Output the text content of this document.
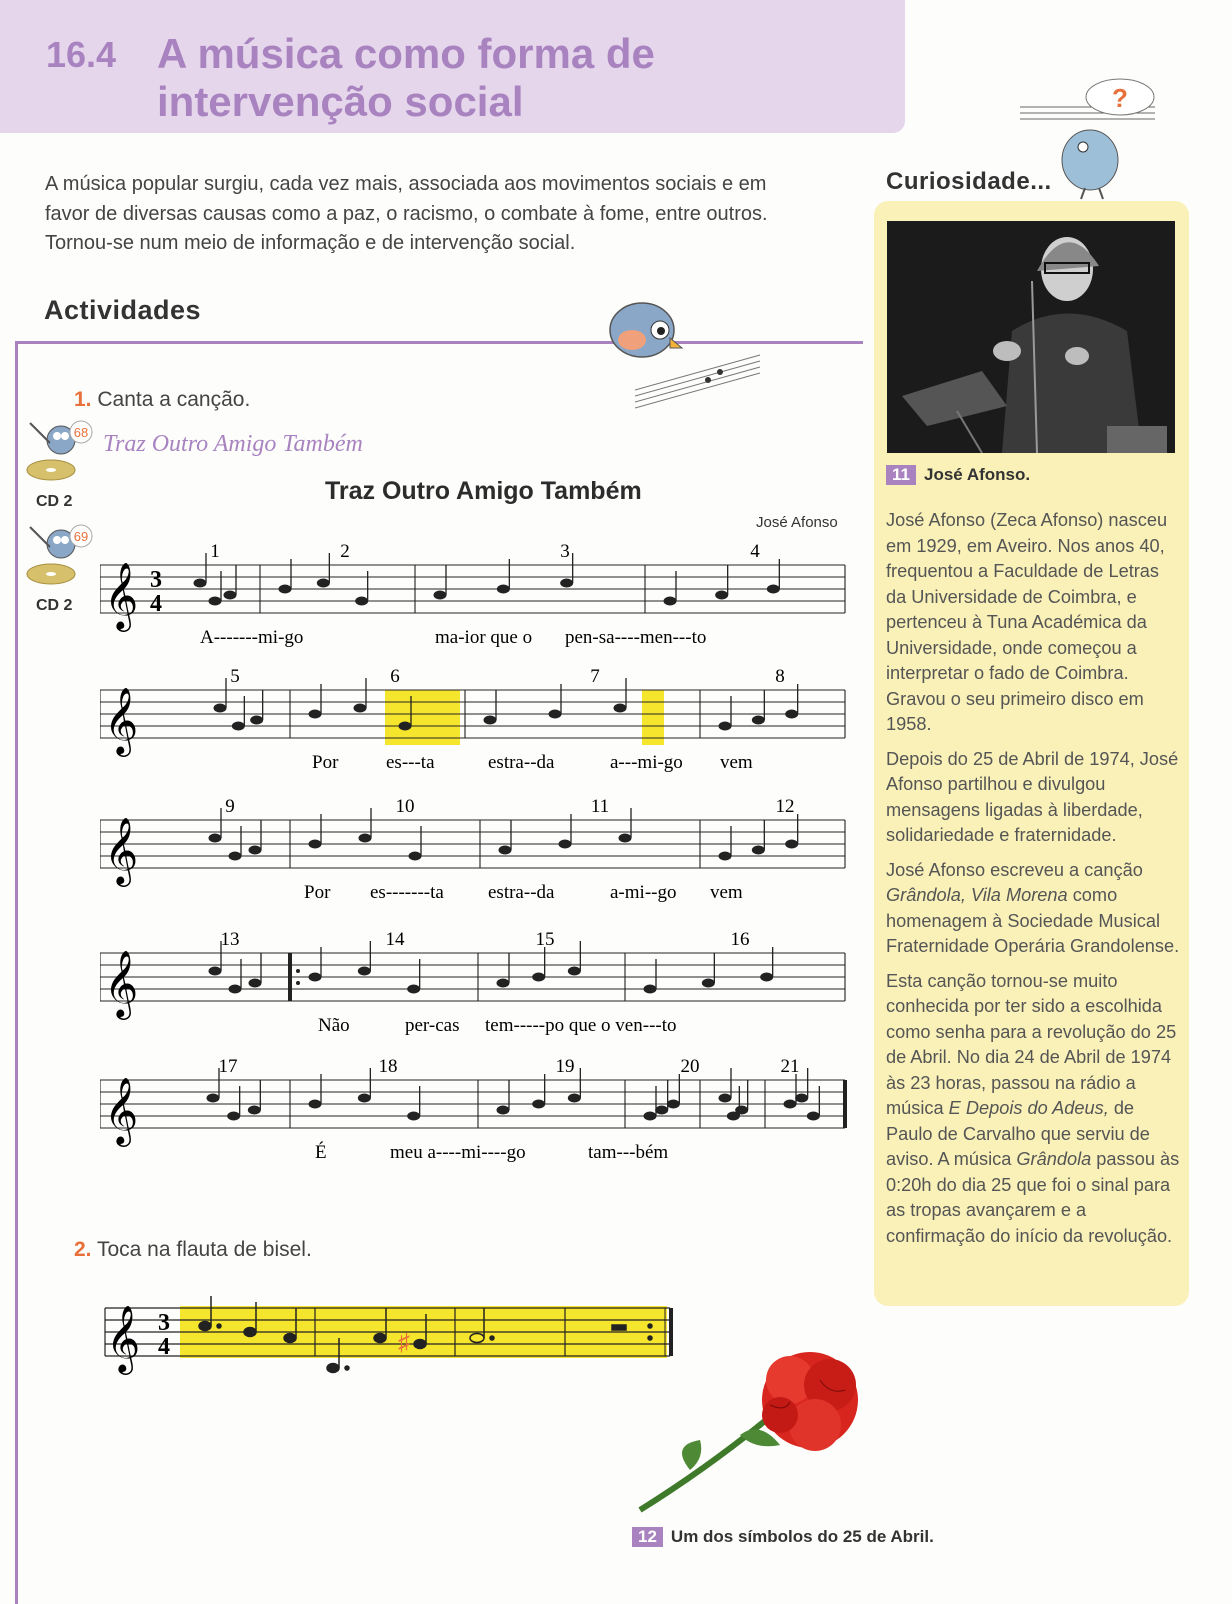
16.4 A música como forma de intervenção social
A música popular surgiu, cada vez mais, associada aos movimentos sociais e em favor de diversas causas como a paz, o racismo, o combate à fome, entre outros. Tornou-se num meio de informação e de intervenção social.
Actividades
1. Canta a canção.
68
CD 2
69
CD 2
Traz Outro Amigo Também
Traz Outro Amigo Também
José Afonso
𝄞 3
4
1	2	3	4
A-------mi-go	ma-ior que o pen-sa----men---to
𝄞
5	6	7	8
Por	es---ta	estra--da	a---mi-go vem
𝄞
9	10	11	12
Por es-------ta estra--da	a-mi--go vem
𝄞
13	14	15	16
Não	per-cas tem-----po que o ven---to
𝄞
17	18	19	20	21
É	meu a----mi----go	tam---bém
2. Toca na flauta de bisel.
𝄞 3
4	♯
?
Curiosidade...
11 José Afonso.

José Afonso (Zeca Afonso) nasceu em 1929, em Aveiro. Nos anos 40, frequentou a Faculdade de Letras da Universidade de Coimbra, e pertenceu à Tuna Académica da Universidade, onde começou a interpretar o fado de Coimbra. Gravou o seu primeiro disco em 1958.

Depois do 25 de Abril de 1974, José Afonso partilhou e divulgou mensagens ligadas à liberdade, solidariedade e fraternidade.

José Afonso escreveu a canção Grândola, Vila Morena como homenagem à Sociedade Musical Fraternidade Operária Grandolense.

Esta canção tornou-se muito conhecida por ter sido a escolhida como senha para a revolução do 25 de Abril. No dia 24 de Abril de 1974 às 23 horas, passou na rádio a música E Depois do Adeus, de Paulo de Carvalho que serviu de aviso. A música Grândola passou às 0:20h do dia 25 que foi o sinal para as tropas avançarem e a confirmação do início da revolução.

12 Um dos símbolos do 25 de Abril.
